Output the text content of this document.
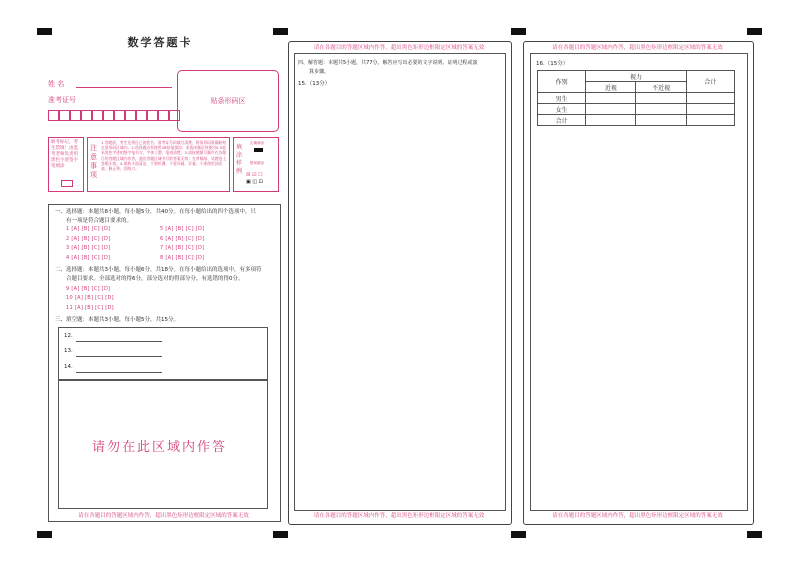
数学答题卡
姓 名
准考证号	贴条形码区
缺考标记，考生禁填！由监考老师负责用黑色字迹签字笔填涂
注意事项
1.答题前，考生先将自己的姓名、准考证号码填写清楚，将条形码准确粘贴在条形码区域内。2.选择题必须使用2B铅笔填涂；非选择题必须使用0.5毫米黑色字迹的签字笔书写，字体工整、笔迹清楚。3.请按照题号顺序在各题目的答题区域内作答，超出答题区域书写的答案无效；在草稿纸、试题卷上答题无效。4.保持卡面清洁，不要折叠、不要弄破、弄皱，不准使用涂改液、修正带、刮纸刀。
填涂样例
正确填涂
错误填涂
☒ ☑ ☐
▣ ◫ ⊡
一、选择题：本题共8小题，每小题5分，共40分。在每小题给出的四个选项中，只
有一项是符合题目要求的。
1 [A] [B] [C] [D]	5 [A] [B] [C] [D]
2 [A] [B] [C] [D]	6 [A] [B] [C] [D]
3 [A] [B] [C] [D]	7 [A] [B] [C] [D]
4 [A] [B] [C] [D]	8 [A] [B] [C] [D]
二、选择题：本题共3小题，每小题6分，共18分。在每小题给出的选项中，有多项符
合题目要求。全部选对的得6分，部分选对的得部分分，有选错的得0分。
9 [A] [B] [C] [D]
10 [A] [B] [C] [D]
11 [A] [B] [C] [D]
三、填空题：本题共3小题，每小题5分，共15分。
12.
13.
14.
请勿在此区域内作答
请在各题目的答题区域内作答，超出黑色矩形边框限定区域的答案无效
请在各题目的答题区域内作答，超出黑色矩形边框限定区域的答案无效
四、解答题：本题共5小题，共77分。解答应写出必要的文字说明、证明过程或演
算步骤。
15.（13分）
请在各题目的答题区域内作答，超出黑色矩形边框限定区域的答案无效
请在各题目的答题区域内作答，超出黑色矩形边框限定区域的答案无效
16.（15分）
作别	视力		合计
	近视	不近视	
男生			
女生			
合计			
请在各题目的答题区域内作答，超出黑色矩形边框限定区域的答案无效
